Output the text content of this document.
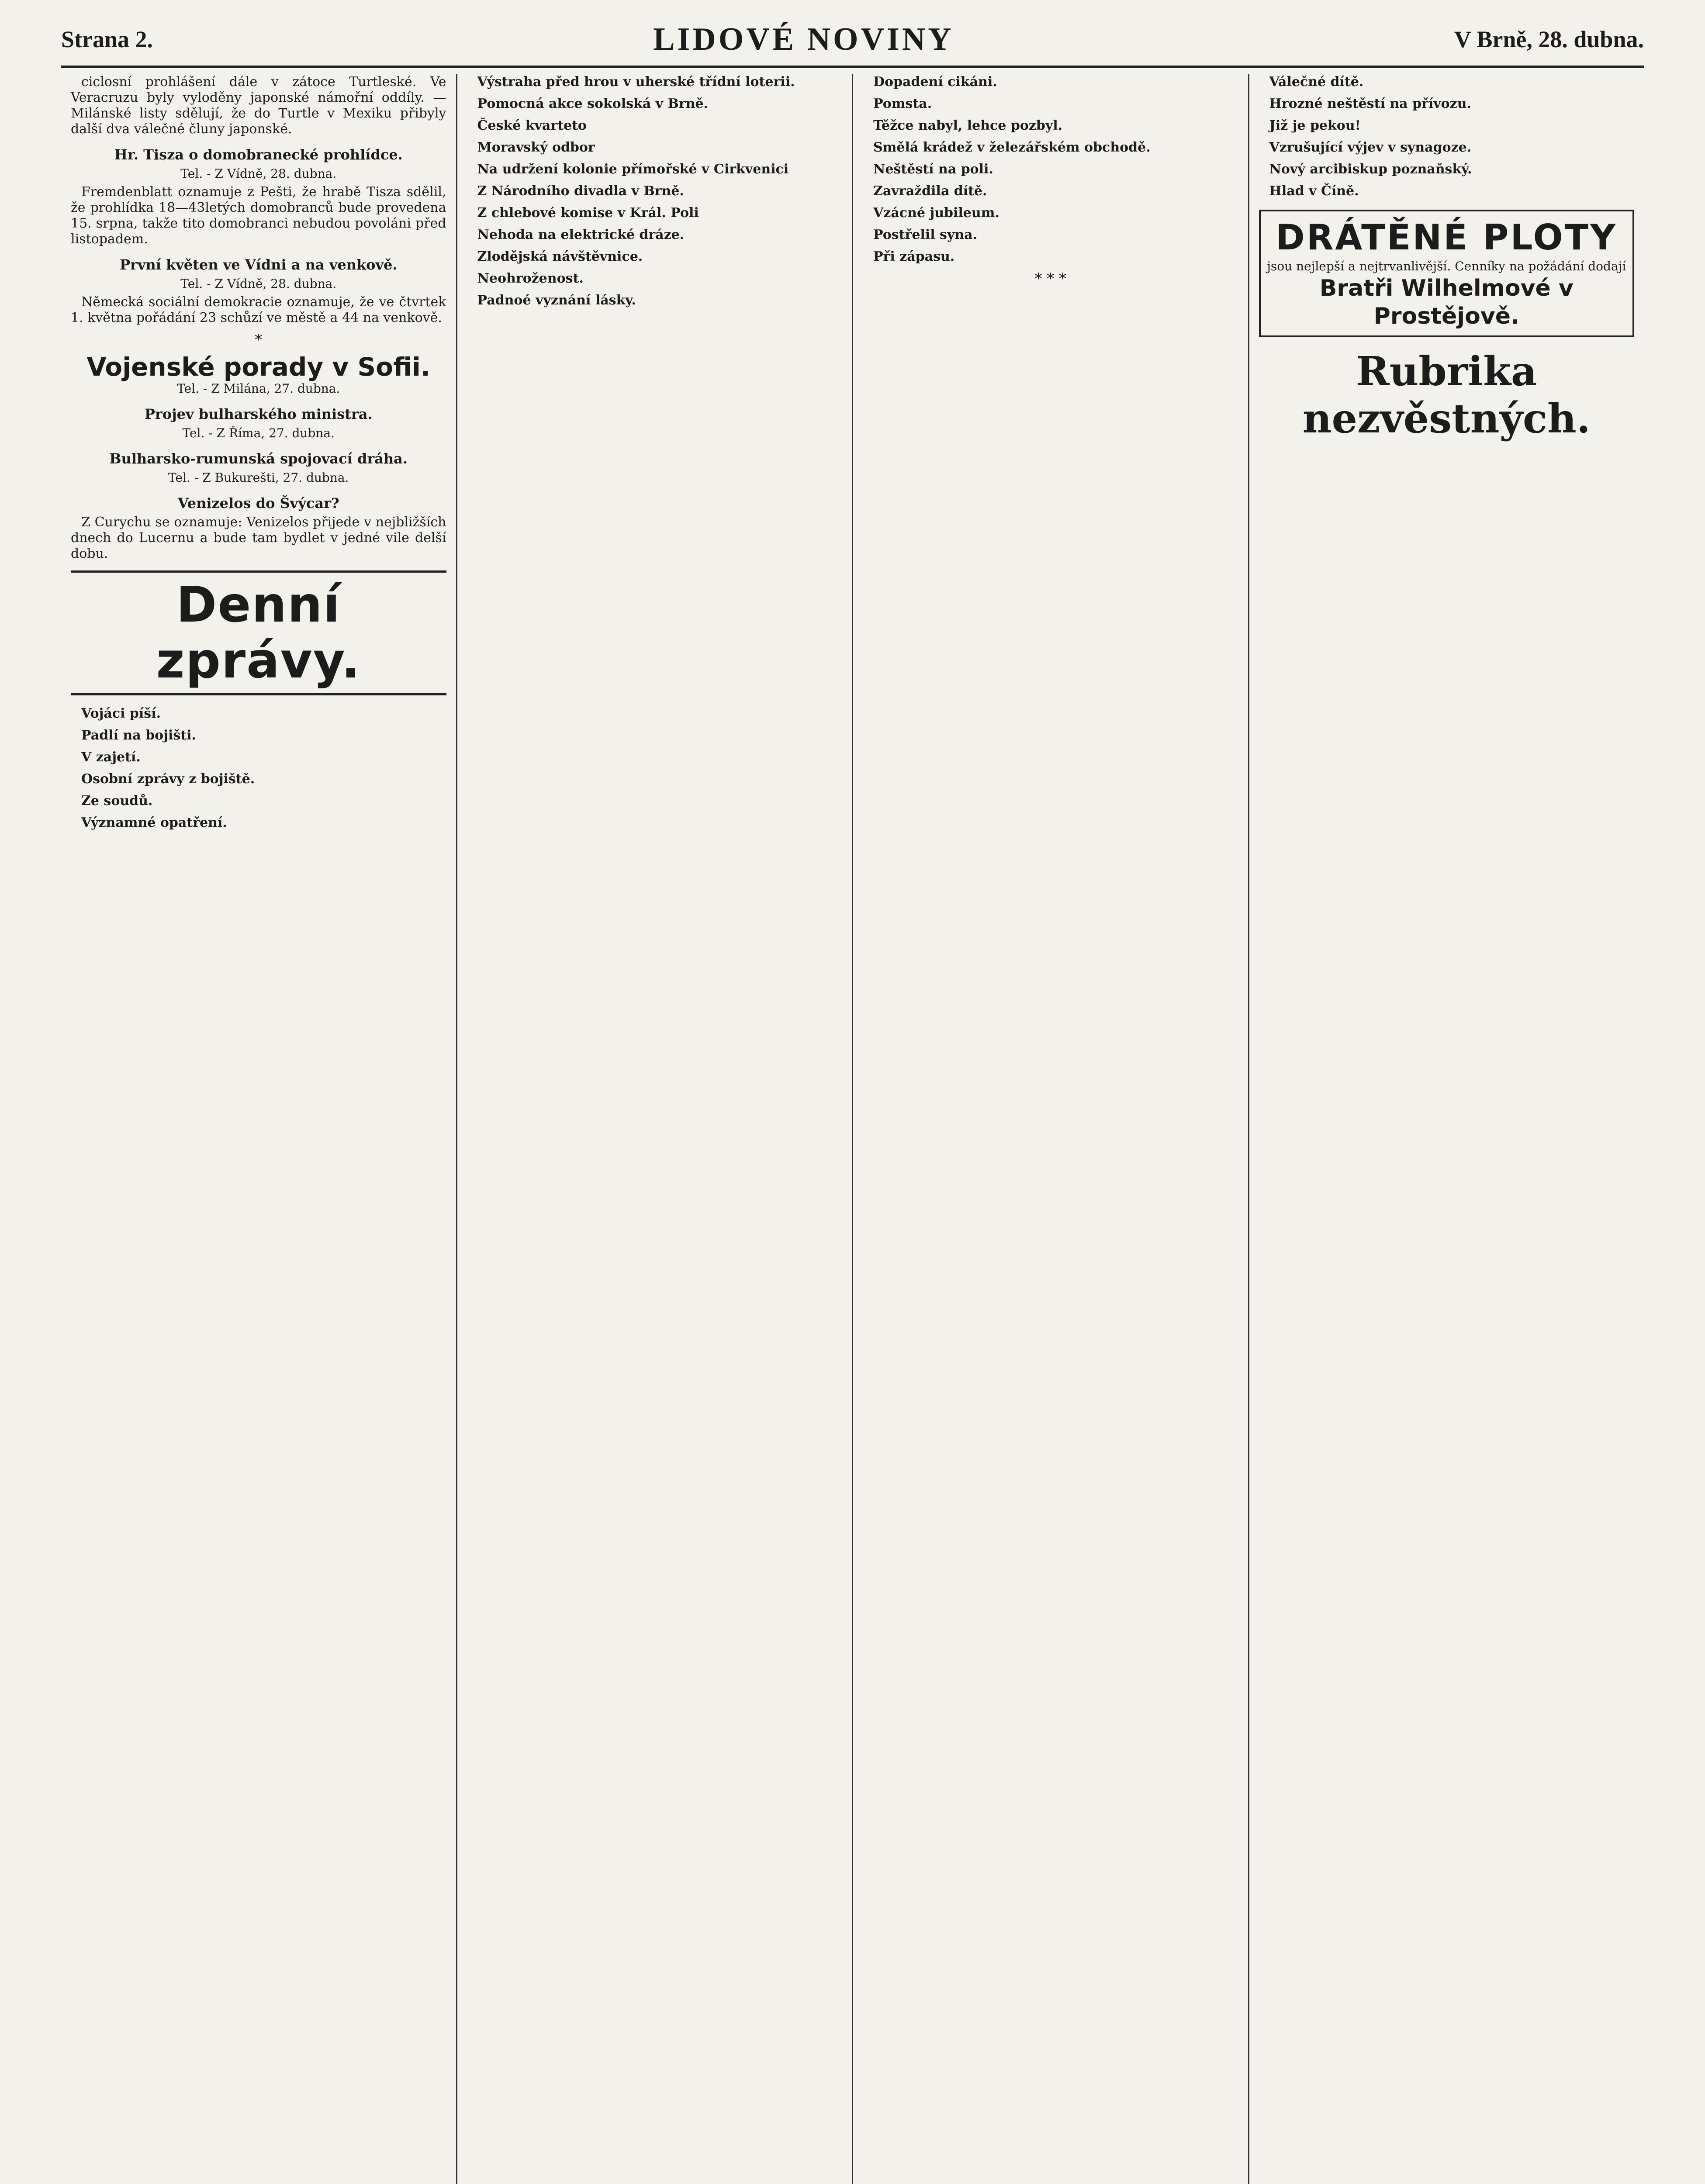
Strana 2.	LIDOVÉ NOVINY	V Brně, 28. dubna.

ciclosní prohlášení dále v zátoce Turtleské. Ve Veracruzu byly vyloděny japonské námořní oddíly. — Milánské listy sdělují, že do Turtle v Mexiku přibyly další dva válečné čluny japonské.

Hr. Tisza o domobranecké prohlídce.
Tel. - Z Vídně, 28. dubna.

Fremdenblatt oznamuje z Pešti, že hrabě Tisza sdělil, že prohlídka 18—43letých domobranců bude provedena 15. srpna, takže tito domobranci nebudou povoláni před listopadem.

První květen ve Vídni a na venkově.
Tel. - Z Vídně, 28. dubna.

Německá sociální demokracie oznamuje, že ve čtvrtek 1. května pořádání 23 schůzí ve městě a 44 na venkově.

*
Vojenské porady v Sofii.
Tel. - Z Milána, 27. dubna.
Projev bulharského ministra.
Tel. - Z Říma, 27. dubna.
Bulharsko-rumunská spojovací dráha.
Tel. - Z Bukurešti, 27. dubna.
Venizelos do Švýcar?

Z Curychu se oznamuje: Venizelos přijede v nejbližších dnech do Lucernu a bude tam bydlet v jedné vile delší dobu.

Denní zprávy.

Vojáci píší.

Padlí na bojišti.

V zajetí.

Osobní zprávy z bojiště.

Ze soudů.

Významné opatření.

Výstraha před hrou v uherské třídní loterii.

Pomocná akce sokolská v Brně.

České kvarteto

Moravský odbor

Na udržení kolonie přímořské v Cirkvenici

Z Národního divadla v Brně.

Z chlebové komise v Král. Poli

Nehoda na elektrické dráze.

Zlodějská návštěvnice.

Neohroženost.

Padnoé vyznání lásky.

Dopadení cikáni.

Pomsta.

Těžce nabyl, lehce pozbyl.

Smělá krádež v železářském obchodě.

Neštěstí na poli.

Zavraždila dítě.

Vzácné jubileum.

Postřelil syna.

Při zápasu.

* * *

Válečné dítě.

Hrozné neštěstí na přívozu.

Již je pekou!

Vzrušující výjev v synagoze.

Nový arcibiskup poznaňský.

Hlad v Číně.

DRÁTĚNÉ PLOTY
jsou nejlepší a nejtrvanlivější. Cenníky na požádání dodají
Bratři Wilhelmové v Prostějově.
Rubrika nezvěstných.
